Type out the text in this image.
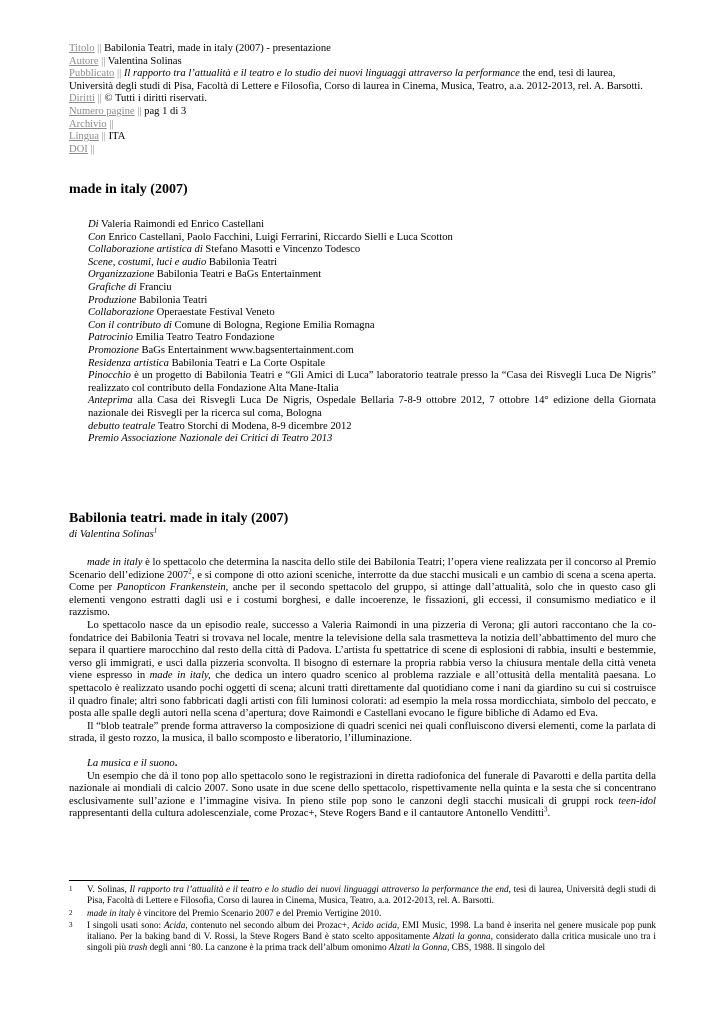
Titolo || Babilonia Teatri, made in italy (2007) - presentazione
Autore || Valentina Solinas
Pubblicato || Il rapporto tra l’attualità e il teatro e lo studio dei nuovi linguaggi attraverso la performance the end, tesi di laurea, Università degli studi di Pisa, Facoltà di Lettere e Filosofia, Corso di laurea in Cinema, Musica, Teatro, a.a. 2012-2013, rel. A. Barsotti.
Diritti || © Tutti i diritti riservati.
Numero pagine || pag 1 di 3
Archivio ||
Lingua || ITA
DOI ||
made in italy (2007)

Di Valeria Raimondi ed Enrico Castellani

Con Enrico Castellani, Paolo Facchini, Luigi Ferrarini, Riccardo Sielli e Luca Scotton

Collaborazione artistica di Stefano Masotti e Vincenzo Todesco

Scene, costumi, luci e audio Babilonia Teatri

Organizzazione Babilonia Teatri e BaGs Entertainment

Grafiche di Franciu

Produzione Babilonia Teatri

Collaborazione Operaestate Festival Veneto

Con il contributo di Comune di Bologna, Regione Emilia Romagna

Patrocinio Emilia Teatro Teatro Fondazione

Promozione BaGs Entertainment www.bagsentertainment.com

Residenza artistica Babilonia Teatri e La Corte Ospitale

Pinocchio è un progetto di Babilonia Teatri e “Gli Amici di Luca” laboratorio teatrale presso la “Casa dei Risvegli Luca De Nigris” realizzato col contributo della Fondazione Alta Mane-Italia

Anteprima alla Casa dei Risvegli Luca De Nigris, Ospedale Bellaria 7-8-9 ottobre 2012, 7 ottobre 14° edizione della Giornata nazionale dei Risvegli per la ricerca sul coma, Bologna

debutto teatrale Teatro Storchi di Modena, 8-9 dicembre 2012

Premio Associazione Nazionale dei Critici di Teatro 2013

Babilonia teatri. made in italy (2007)
di Valentina Solinas$^1$

made in italy è lo spettacolo che determina la nascita dello stile dei Babilonia Teatri; l’opera viene realizzata per il concorso al Premio Scenario dell’edizione 2007$^2$, e si compone di otto azioni sceniche, interrotte da due stacchi musicali e un cambio di scena a scena aperta. Come per Panopticon Frankenstein, anche per il secondo spettacolo del gruppo, si attinge dall’attualità, solo che in questo caso gli elementi vengono estratti dagli usi e i costumi borghesi, e dalle incoerenze, le fissazioni, gli eccessi, il consumismo mediatico e il razzismo.

Lo spettacolo nasce da un episodio reale, successo a Valeria Raimondi in una pizzeria di Verona; gli autori raccontano che la co-fondatrice dei Babilonia Teatri si trovava nel locale, mentre la televisione della sala trasmetteva la notizia dell’abbattimento del muro che separa il quartiere marocchino dal resto della città di Padova. L’artista fu spettatrice di scene di esplosioni di rabbia, insulti e bestemmie, verso gli immigrati, e uscì dalla pizzeria sconvolta. Il bisogno di esternare la propria rabbia verso la chiusura mentale della città veneta viene espresso in made in italy, che dedica un intero quadro scenico al problema razziale e all’ottusità della mentalità paesana. Lo spettacolo è realizzato usando pochi oggetti di scena; alcuni tratti direttamente dal quotidiano come i nani da giardino su cui si costruisce il quadro finale; altri sono fabbricati dagli artisti con fili luminosi colorati: ad esempio la mela rossa mordicchiata, simbolo del peccato, e posta alle spalle degli autori nella scena d’apertura; dove Raimondi e Castellani evocano le figure bibliche di Adamo ed Eva.

Il “blob teatrale” prende forma attraverso la composizione di quadri scenici nei quali confluiscono diversi elementi, come la parlata di strada, il gesto rozzo, la musica, il ballo scomposto e liberatorio, l’illuminazione.

La musica e il suono.

Un esempio che dà il tono pop allo spettacolo sono le registrazioni in diretta radiofonica del funerale di Pavarotti e della partita della nazionale ai mondiali di calcio 2007. Sono usate in due scene dello spettacolo, rispettivamente nella quinta e la sesta che si concentrano esclusivamente sull’azione e l’immagine visiva. In pieno stile pop sono le canzoni degli stacchi musicali di gruppi rock teen-idol rappresentanti della cultura adolescenziale, come Prozac+, Steve Rogers Band e il cantautore Antonello Venditti$^3$.

1 V. Solinas, Il rapporto tra l’attualità e il teatro e lo studio dei nuovi linguaggi attraverso la performance the end, tesi di laurea, Università degli studi di Pisa, Facoltà di Lettere e Filosofia, Corso di laurea in Cinema, Musica, Teatro, a.a. 2012-2013, rel. A. Barsotti.

2 made in italy è vincitore del Premio Scenario 2007 e del Premio Vertigine 2010.

3 I singoli usati sono: Acida, contenuto nel secondo album dei Prozac+, Acido acida, EMI Music, 1998. La band è inserita nel genere musicale pop punk italiano. Per la baking band di V. Rossi, la Steve Rogers Band è stato scelto appositamente Alzati la gonna, considerato dalla critica musicale uno tra i singoli più trash degli anni ‘80. La canzone è la prima track dell’album omonimo Alzati la Gonna, CBS, 1988. Il singolo del
